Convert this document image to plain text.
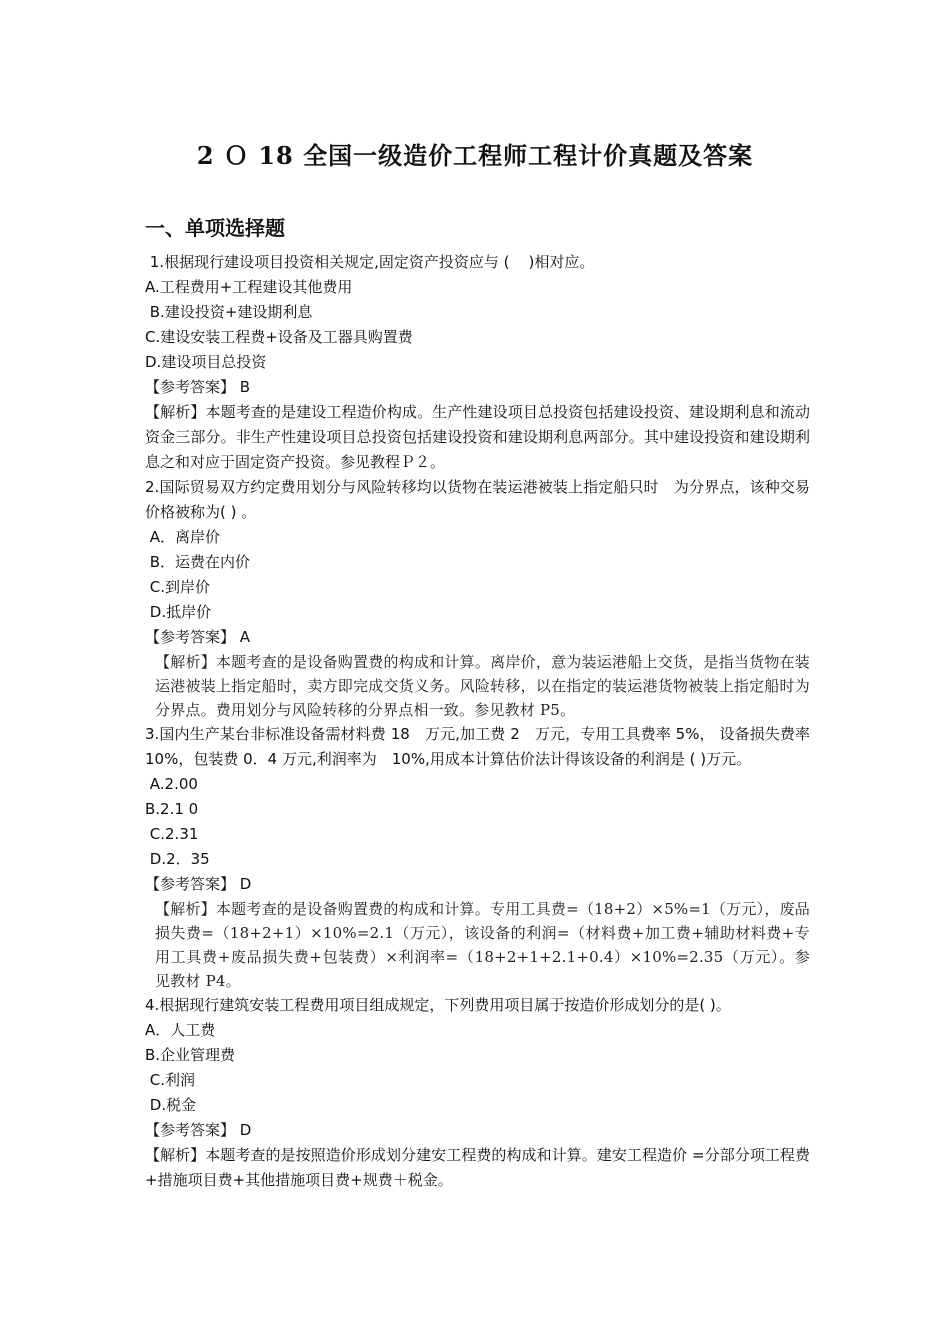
2 Ｏ 18 全国一级造价工程师工程计价真题及答案
一、单项选择题

1.根据现行建设项目投资相关规定,固定资产投资应与 (    )相对应。

A.工程费用+工程建设其他费用

B.建设投资+建设期利息

C.建设安装工程费+设备及工器具购置费

D.建设项目总投资

【参考答案】 B

【解析】本题考查的是建设工程造价构成。生产性建设项目总投资包括建设投资、建设期利息和流动资金三部分。非生产性建设项目总投资包括建设投资和建设期利息两部分。其中建设投资和建设期利息之和对应于固定资产投资。参见教程Ｐ２。

2.国际贸易双方约定费用划分与风险转移均以货物在装运港被装上指定船只时　为分界点，该种交易价格被称为( ) 。

A．离岸价

B．运费在内价

C.到岸价

D.抵岸价

【参考答案】 A

【解析】本题考查的是设备购置费的构成和计算。离岸价，意为装运港船上交货，是指当货物在装运港被装上指定船时，卖方即完成交货义务。风险转移，以在指定的装运港货物被装上指定船时为分界点。费用划分与风险转移的分界点相一致。参见教材 P5。

3.国内生产某台非标准设备需材料费 18　万元,加工费 2　万元，专用工具费率 5%， 设备损失费率　10%，包装费 0．4 万元,利润率为　10%,用成本计算估价法计得该设备的利润是 ( )万元。

A.2.00

B.2.1 0

C.2.31

D.2．35

【参考答案】 D

【解析】本题考查的是设备购置费的构成和计算。专用工具费=（18+2）×5%=1（万元），废品损失费=（18+2+1）×10%=2.1（万元），该设备的利润=（材料费+加工费+辅助材料费+专用工具费+废品损失费+包装费）×利润率=（18+2+1+2.1+0.4）×10%=2.35（万元）。参见教材 P4。

4.根据现行建筑安装工程费用项目组成规定，下列费用项目属于按造价形成划分的是( )。

A．人工费

B.企业管理费

C.利润

D.税金

【参考答案】 D

【解析】本题考查的是按照造价形成划分建安工程费的构成和计算。建安工程造价 =分部分项工程费+措施项目费+其他措施项目费+规费＋税金。
